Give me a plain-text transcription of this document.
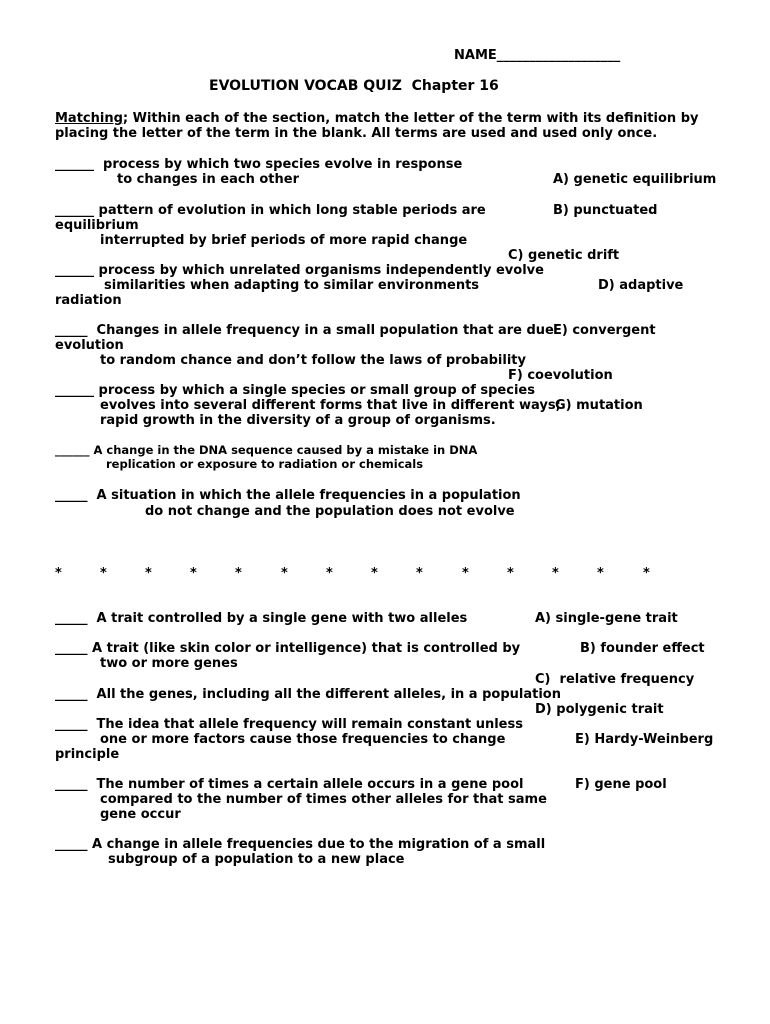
NAME___________________
EVOLUTION VOCAB QUIZ  Chapter 16
Matching; Within each of the section, match the letter of the term with its definition by
placing the letter of the term in the blank. All terms are used and used only once.
______  process by which two species evolve in response
to changes in each other
______ pattern of evolution in which long stable periods are
equilibrium
interrupted by brief periods of more rapid change
______ process by which unrelated organisms independently evolve
similarities when adapting to similar environments
radiation
_____  Changes in allele frequency in a small population that are due
evolution
to random chance and don’t follow the laws of probability
______ process by which a single species or small group of species
evolves into several different forms that live in different ways;
rapid growth in the diversity of a group of organisms.
______ A change in the DNA sequence caused by a mistake in DNA
replication or exposure to radiation or chemicals
_____  A situation in which the allele frequencies in a population
do not change and the population does not evolve
A) genetic equilibrium
B) punctuated
C) genetic drift
D) adaptive
E) convergent
F) coevolution
G) mutation
*	*	*	*	*	*	*	*	*	*	*	*	*	*
_____  A trait controlled by a single gene with two alleles
_____ A trait (like skin color or intelligence) that is controlled by
two or more genes
_____  All the genes, including all the different alleles, in a population
_____  The idea that allele frequency will remain constant unless
one or more factors cause those frequencies to change
principle
_____  The number of times a certain allele occurs in a gene pool
compared to the number of times other alleles for that same
gene occur
_____ A change in allele frequencies due to the migration of a small
subgroup of a population to a new place
A) single-gene trait
B) founder effect
C)  relative frequency
D) polygenic trait
E) Hardy-Weinberg
F) gene pool
